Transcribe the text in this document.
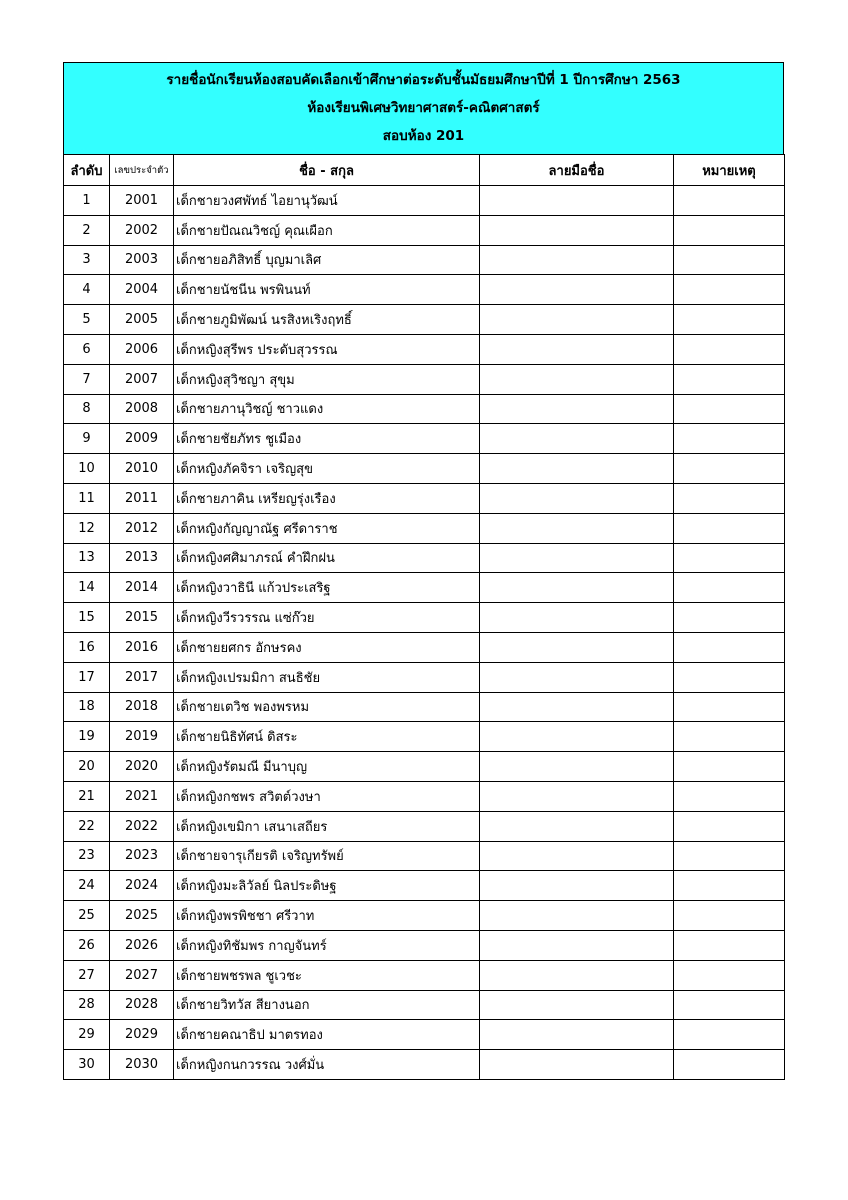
รายชื่อนักเรียนห้องสอบคัดเลือกเข้าศึกษาต่อระดับชั้นมัธยมศึกษาปีที่ 1 ปีการศึกษา 2563
ห้องเรียนพิเศษวิทยาศาสตร์-คณิตศาสตร์
สอบห้อง 201
ลำดับ	เลขประจำตัว	ชื่อ - สกุล	ลายมือชื่อ	หมายเหตุ
1	2001	เด็กชายวงศพัทธ์ ไอยานุวัฒน์		
2	2002	เด็กชายปัณณวิชญ์ คุณเผือก		
3	2003	เด็กชายอภิสิทธิ์ บุญมาเลิศ		
4	2004	เด็กชายนัชนีน พรพินนท์		
5	2005	เด็กชายภูมิพัฒน์ นรสิงหเริงฤทธิ์		
6	2006	เด็กหญิงสุรีพร ประดับสุวรรณ		
7	2007	เด็กหญิงสุวิชญา สุขุม		
8	2008	เด็กชายภานุวิชญ์ ชาวแดง		
9	2009	เด็กชายชัยภัทร ชูเมือง		
10	2010	เด็กหญิงภัคจิรา เจริญสุข		
11	2011	เด็กชายภาคิน เหรียญรุ่งเรือง		
12	2012	เด็กหญิงกัญญาณัฐ ศรีดาราช		
13	2013	เด็กหญิงศศิมาภรณ์ คำฝึกฝน		
14	2014	เด็กหญิงวาธินี แก้วประเสริฐ		
15	2015	เด็กหญิงวีรวรรณ แซ่ก๊วย		
16	2016	เด็กชายยศกร อักษรคง		
17	2017	เด็กหญิงเปรมมิกา สนธิชัย		
18	2018	เด็กชายเตวิช พองพรหม		
19	2019	เด็กชายนิธิทัศน์ ดิสระ		
20	2020	เด็กหญิงรัตมณี มีนาบุญ		
21	2021	เด็กหญิงกชพร สวิตต์วงษา		
22	2022	เด็กหญิงเขมิกา เสนาเสถียร		
23	2023	เด็กชายจารุเกียรติ เจริญทรัพย์		
24	2024	เด็กหญิงมะลิวัลย์ นิลประดิษฐ		
25	2025	เด็กหญิงพรพิชชา ศรีวาท		
26	2026	เด็กหญิงทิชัมพร กาญจันทร์		
27	2027	เด็กชายพชรพล ชูเวชะ		
28	2028	เด็กชายวิทวัส สียางนอก		
29	2029	เด็กชายคณาธิป มาตรทอง		
30	2030	เด็กหญิงกนกวรรณ วงศ์มั่น		
